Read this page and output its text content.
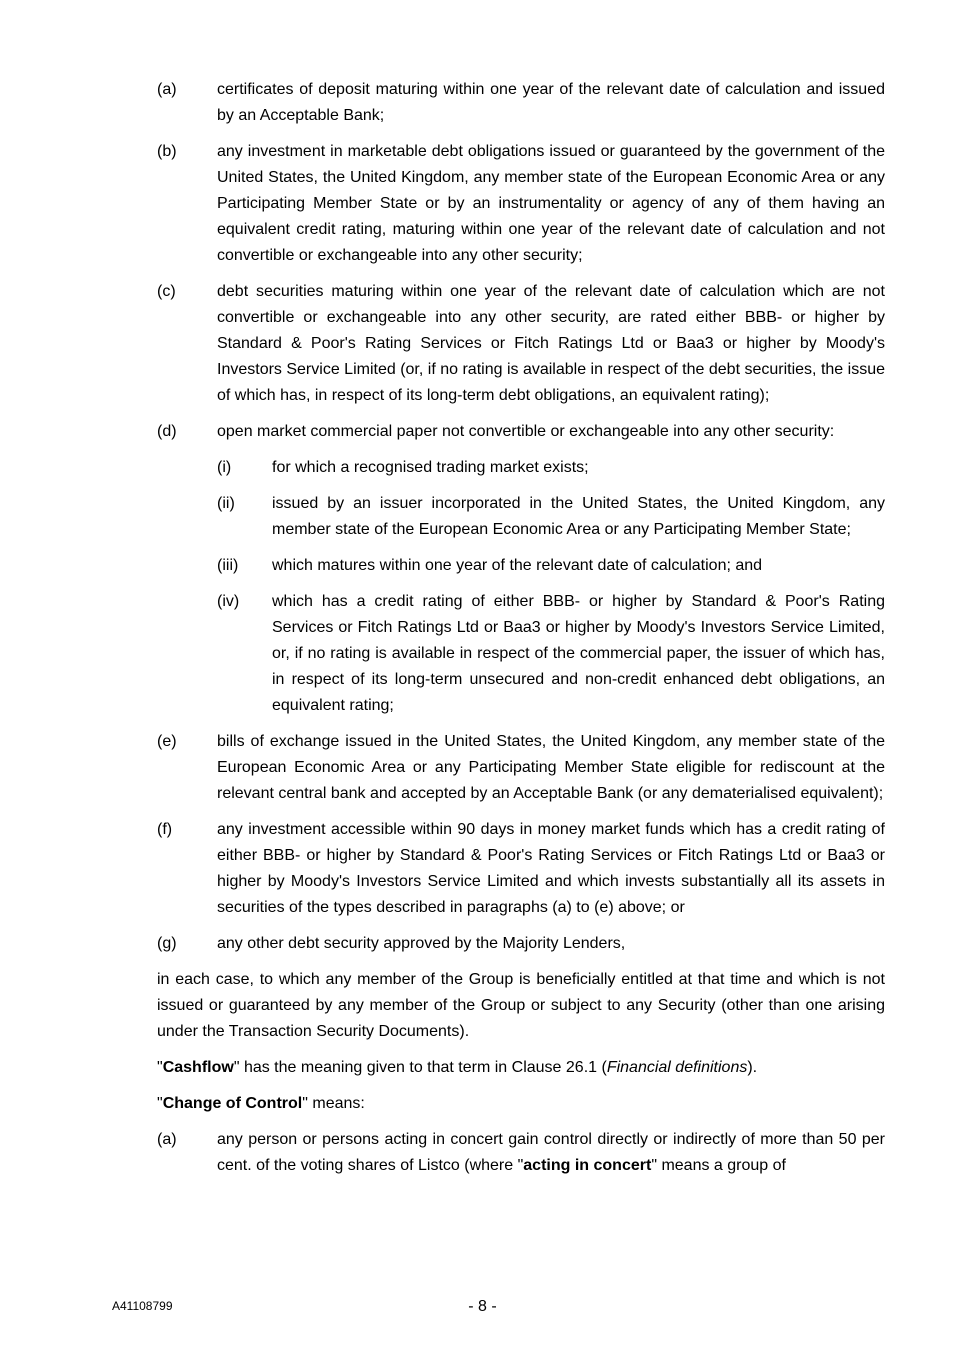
(a)	certificates of deposit maturing within one year of the relevant date of calculation and issued by an Acceptable Bank;
(b)	any investment in marketable debt obligations issued or guaranteed by the government of the United States, the United Kingdom, any member state of the European Economic Area or any Participating Member State or by an instrumentality or agency of any of them having an equivalent credit rating, maturing within one year of the relevant date of calculation and not convertible or exchangeable into any other security;
(c)	debt securities maturing within one year of the relevant date of calculation which are not convertible or exchangeable into any other security, are rated either BBB- or higher by Standard & Poor's Rating Services or Fitch Ratings Ltd or Baa3 or higher by Moody's Investors Service Limited (or, if no rating is available in respect of the debt securities, the issue of which has, in respect of its long-term debt obligations, an equivalent rating);
(d)	open market commercial paper not convertible or exchangeable into any other security:
(i)	for which a recognised trading market exists;
(ii)	issued by an issuer incorporated in the United States, the United Kingdom, any member state of the European Economic Area or any Participating Member State;
(iii)	which matures within one year of the relevant date of calculation; and
(iv)	which has a credit rating of either BBB- or higher by Standard & Poor's Rating Services or Fitch Ratings Ltd or Baa3 or higher by Moody's Investors Service Limited, or, if no rating is available in respect of the commercial paper, the issuer of which has, in respect of its long-term unsecured and non-credit enhanced debt obligations, an equivalent rating;
(e)	bills of exchange issued in the United States, the United Kingdom, any member state of the European Economic Area or any Participating Member State eligible for rediscount at the relevant central bank and accepted by an Acceptable Bank (or any dematerialised equivalent);
(f)	any investment accessible within 90 days in money market funds which has a credit rating of either BBB- or higher by Standard & Poor's Rating Services or Fitch Ratings Ltd or Baa3 or higher by Moody's Investors Service Limited and which invests substantially all its assets in securities of the types described in paragraphs (a) to (e) above; or
(g)	any other debt security approved by the Majority Lenders,
in each case, to which any member of the Group is beneficially entitled at that time and which is not issued or guaranteed by any member of the Group or subject to any Security (other than one arising under the Transaction Security Documents).
"Cashflow" has the meaning given to that term in Clause 26.1 (Financial definitions).
"Change of Control" means:
(a)	any person or persons acting in concert gain control directly or indirectly of more than 50 per cent. of the voting shares of Listco (where "acting in concert" means a group of
A41108799	- 8 -
